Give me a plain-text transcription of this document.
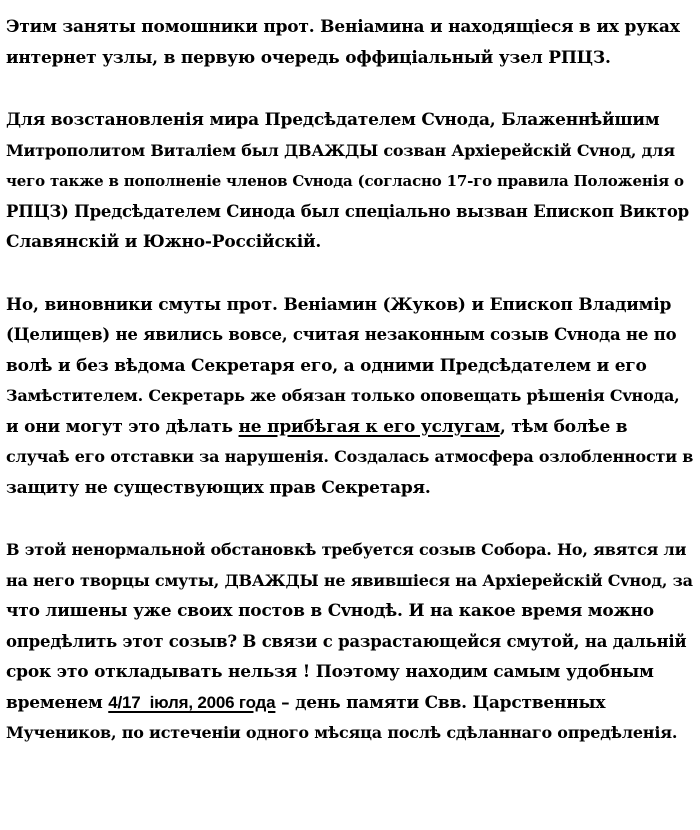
Этим заняты помошники прот. Веніамина и находящіеся в их руках
интернет узлы, в первую очередь оффиціальный узел РПЦЗ.

Для возстановленія мира Предсѣдателем Сvнода, Блаженнѣйшим
Митрополитом Виталіем был ДВАЖДЫ созван Архіерейскій Сvнод, для
чего также в пополненіе членов Сvнода (согласно 17-го правила Положенія о
РПЦЗ) Предсѣдателем Синода был спеціально вызван Епископ Виктор
Славянскій и Южно-Россійскій.

Но, виновники смуты прот. Веніамин (Жуков) и Епископ Владимір
(Целищев) не явились вовсе, считая незаконным созыв Сvнода не по
волѣ и без вѣдома Секретаря его, а одними Предсѣдателем и его
Замѣстителем. Секретарь же обязан только оповещать рѣшенія Сvнода,
и они могут это дѣлать не прибѣгая к его услугам, тѣм болѣе в
случаѣ его отставки за нарушенія. Создалась атмосфера озлобленности в
защиту не существующих прав Секретаря.

В этой ненормальной обстановкѣ требуется созыв Собора. Но, явятся ли
на него творцы смуты, ДВАЖДЫ не явившіеся на Архіерейскій Сvнод, за
что лишены уже своих постов в Сvнодѣ. И на какое время можно
опредѣлить этот созыв? В связи с разрастающейся смутой, на дальній
срок это откладывать нельзя ! Поэтому находим самым удобным
временем 4/17  іюля, 2006 года – день памяти Свв. Царственных
Мучеников, по истеченіи одного мѣсяца послѣ сдѣланнаго опредѣленія.
